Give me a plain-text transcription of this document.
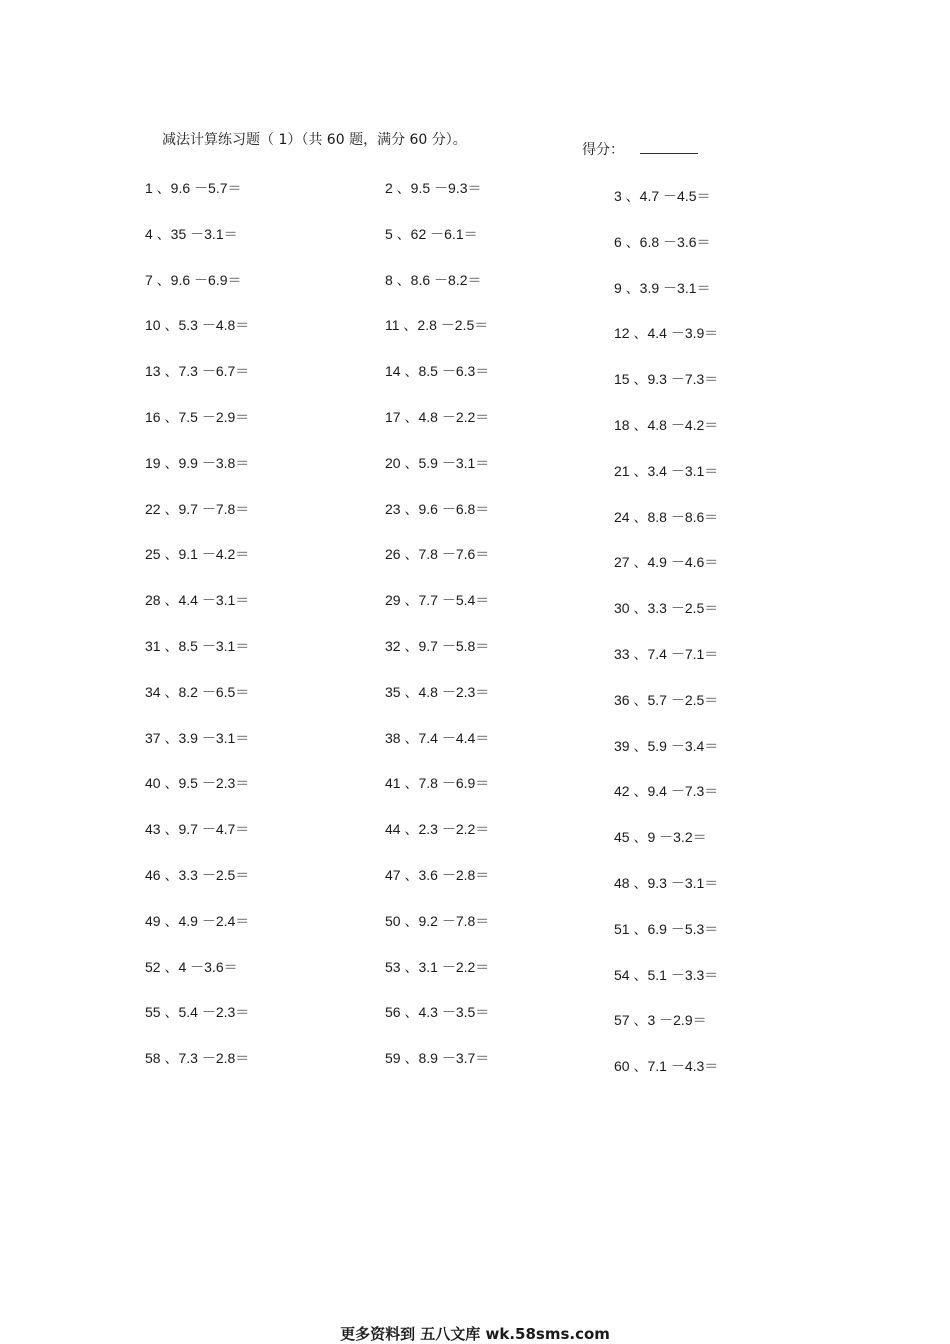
减法计算练习题（ 1）（共 60 题，满分 60 分）。
得分：
1 、9.6 －5.7＝
4 、35 －3.1＝
7 、9.6 －6.9＝
10 、5.3 －4.8＝
13 、7.3 －6.7＝
16 、7.5 －2.9＝
19 、9.9 －3.8＝
22 、9.7 －7.8＝
25 、9.1 －4.2＝
28 、4.4 －3.1＝
31 、8.5 －3.1＝
34 、8.2 －6.5＝
37 、3.9 －3.1＝
40 、9.5 －2.3＝
43 、9.7 －4.7＝
46 、3.3 －2.5＝
49 、4.9 －2.4＝
52 、4 －3.6＝
55 、5.4 －2.3＝
58 、7.3 －2.8＝
2 、9.5 －9.3＝
5 、62 －6.1＝
8 、8.6 －8.2＝
11 、2.8 －2.5＝
14 、8.5 －6.3＝
17 、4.8 －2.2＝
20 、5.9 －3.1＝
23 、9.6 －6.8＝
26 、7.8 －7.6＝
29 、7.7 －5.4＝
32 、9.7 －5.8＝
35 、4.8 －2.3＝
38 、7.4 －4.4＝
41 、7.8 －6.9＝
44 、2.3 －2.2＝
47 、3.6 －2.8＝
50 、9.2 －7.8＝
53 、3.1 －2.2＝
56 、4.3 －3.5＝
59 、8.9 －3.7＝
3 、4.7 －4.5＝
6 、6.8 －3.6＝
9 、3.9 －3.1＝
12 、4.4 －3.9＝
15 、9.3 －7.3＝
18 、4.8 －4.2＝
21 、3.4 －3.1＝
24 、8.8 －8.6＝
27 、4.9 －4.6＝
30 、3.3 －2.5＝
33 、7.4 －7.1＝
36 、5.7 －2.5＝
39 、5.9 －3.4＝
42 、9.4 －7.3＝
45 、9 －3.2＝
48 、9.3 －3.1＝
51 、6.9 －5.3＝
54 、5.1 －3.3＝
57 、3 －2.9＝
60 、7.1 －4.3＝
更多资料到 五八文库 wk.58sms.com
